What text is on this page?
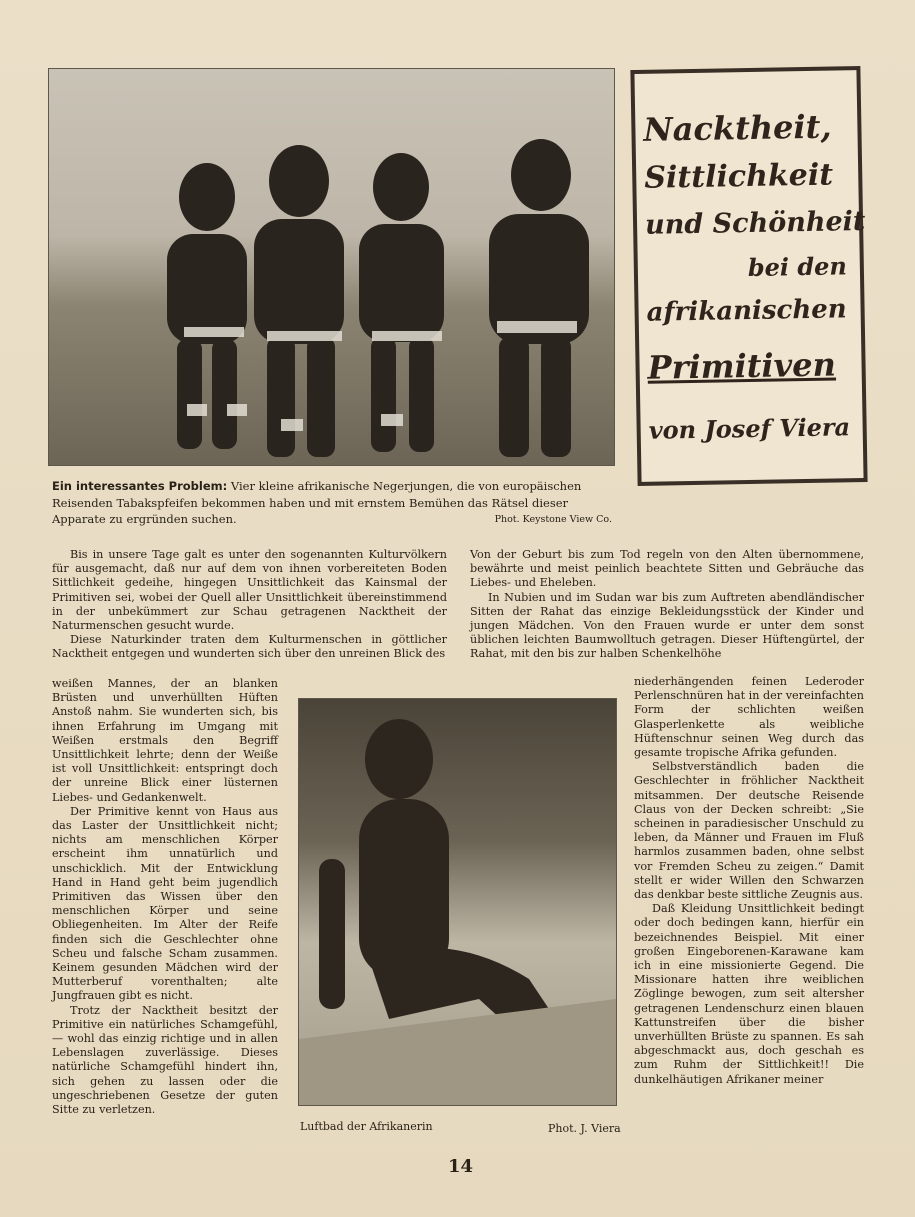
Nacktheit,
Sittlichkeit
und Schönheit
bei den
afrikanischen
Primitiven
von Josef Viera
Ein interessantes Problem: Vier kleine afrikanische Negerjungen, die von europäischen Reisenden Tabakspfeifen bekommen haben und mit ernstem Bemühen das Rätsel dieser Apparate zu ergründen suchen.	Phot. Keystone View Co.

Bis in unsere Tage galt es unter den sogenannten Kulturvölkern für ausgemacht, daß nur auf dem von ihnen vorbereiteten Boden Sittlichkeit gedeihe, hingegen Unsittlichkeit das Kainsmal der Primitiven sei, wobei der Quell aller Unsittlichkeit übereinstimmend in der unbekümmert zur Schau getragenen Nacktheit der Naturmenschen gesucht wurde.

Diese Naturkinder traten dem Kulturmenschen in göttlicher Nacktheit entgegen und wunderten sich über den unreinen Blick des

weißen Mannes, der an blanken Brüsten und unverhüllten Hüften Anstoß nahm. Sie wunderten sich, bis ihnen Erfahrung im Umgang mit Weißen erstmals den Begriff Unsittlichkeit lehrte; denn der Weiße ist voll Unsittlichkeit: entspringt doch der unreine Blick einer lüsternen Liebes- und Gedankenwelt.

Der Primitive kennt von Haus aus das Laster der Unsittlichkeit nicht; nichts am menschlichen Körper erscheint ihm unnatürlich und unschicklich. Mit der Entwicklung Hand in Hand geht beim jugendlich Primitiven das Wissen über den menschlichen Körper und seine Obliegenheiten. Im Alter der Reife finden sich die Geschlechter ohne Scheu und falsche Scham zusammen. Keinem gesunden Mädchen wird der Mutterberuf vorenthalten; alte Jungfrauen gibt es nicht.

Trotz der Nacktheit besitzt der Primitive ein natürliches Schamgefühl, — wohl das einzig richtige und in allen Lebenslagen zuverlässige. Dieses natürliche Schamgefühl hindert ihn, sich gehen zu lassen oder die ungeschriebenen Gesetze der guten Sitte zu verletzen.

Luftbad der Afrikanerin	Phot. J. Viera

Von der Geburt bis zum Tod regeln von den Alten übernommene, bewährte und meist peinlich beachtete Sitten und Gebräuche das Liebes- und Eheleben.

In Nubien und im Sudan war bis zum Auftreten abendländischer Sitten der Rahat das einzige Bekleidungsstück der Kinder und jungen Mädchen. Von den Frauen wurde er unter dem sonst üblichen leichten Baumwolltuch getragen. Dieser Hüftengürtel, der Rahat, mit den bis zur halben Schenkelhöhe

niederhängenden feinen Lederoder Perlenschnüren hat in der vereinfachten Form der schlichten weißen Glasperlenkette als weibliche Hüftenschnur seinen Weg durch das gesamte tropische Afrika gefunden.

Selbstverständlich baden die Geschlechter in fröhlicher Nacktheit mitsammen. Der deutsche Reisende Claus von der Decken schreibt: „Sie scheinen in paradiesischer Unschuld zu leben, da Männer und Frauen im Fluß harmlos zusammen baden, ohne selbst vor Fremden Scheu zu zeigen.“ Damit stellt er wider Willen den Schwarzen das denkbar beste sittliche Zeugnis aus.

Daß Kleidung Unsittlichkeit bedingt oder doch bedingen kann, hierfür ein bezeichnendes Beispiel. Mit einer großen Eingeborenen-Karawane kam ich in eine missionierte Gegend. Die Missionare hatten ihre weiblichen Zöglinge bewogen, zum seit altersher getragenen Lendenschurz einen blauen Kattunstreifen über die bisher unverhüllten Brüste zu spannen. Es sah abgeschmackt aus, doch geschah es zum Ruhm der Sittlichkeit!! Die dunkelhäutigen Afrikaner meiner

14
